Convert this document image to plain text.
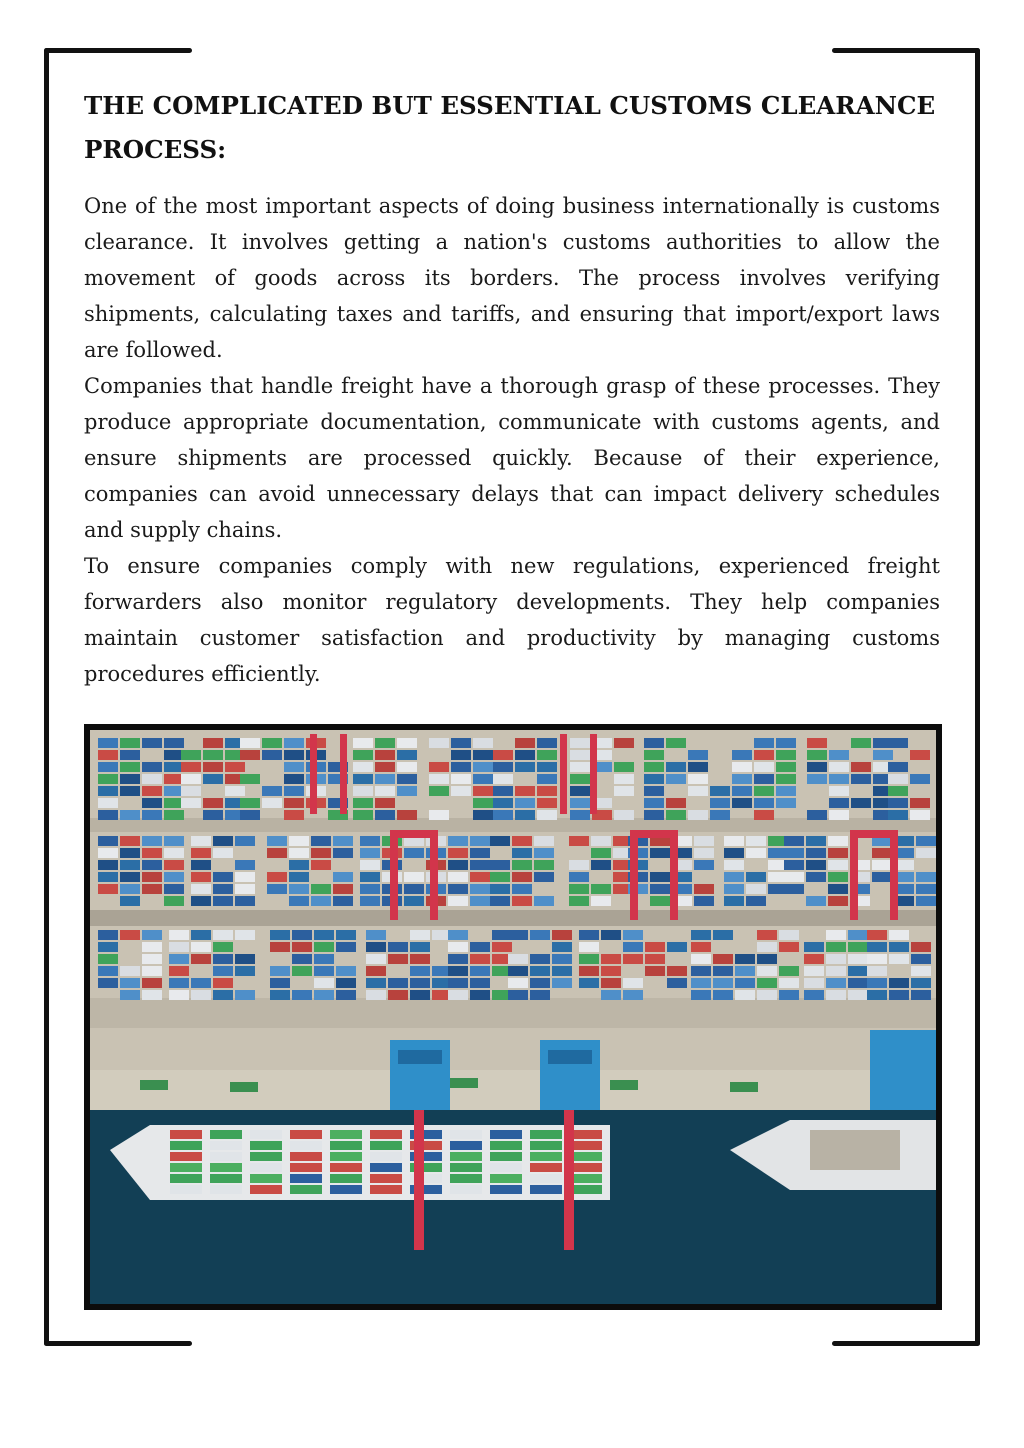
THE COMPLICATED BUT ESSENTIAL CUSTOMS CLEARANCE PROCESS:

One of the most important aspects of doing business internationally is customs clearance. It involves getting a nation's customs authorities to allow the movement of goods across its borders. The process involves verifying shipments, calculating taxes and tariffs, and ensuring that import/export laws are followed.

Companies that handle freight have a thorough grasp of these processes. They produce appropriate documentation, communicate with customs agents, and ensure shipments are processed quickly. Because of their experience, companies can avoid unnecessary delays that can impact delivery schedules and supply chains.

To ensure companies comply with new regulations, experienced freight forwarders also monitor regulatory developments. They help companies maintain customer satisfaction and productivity by managing customs procedures efficiently.
